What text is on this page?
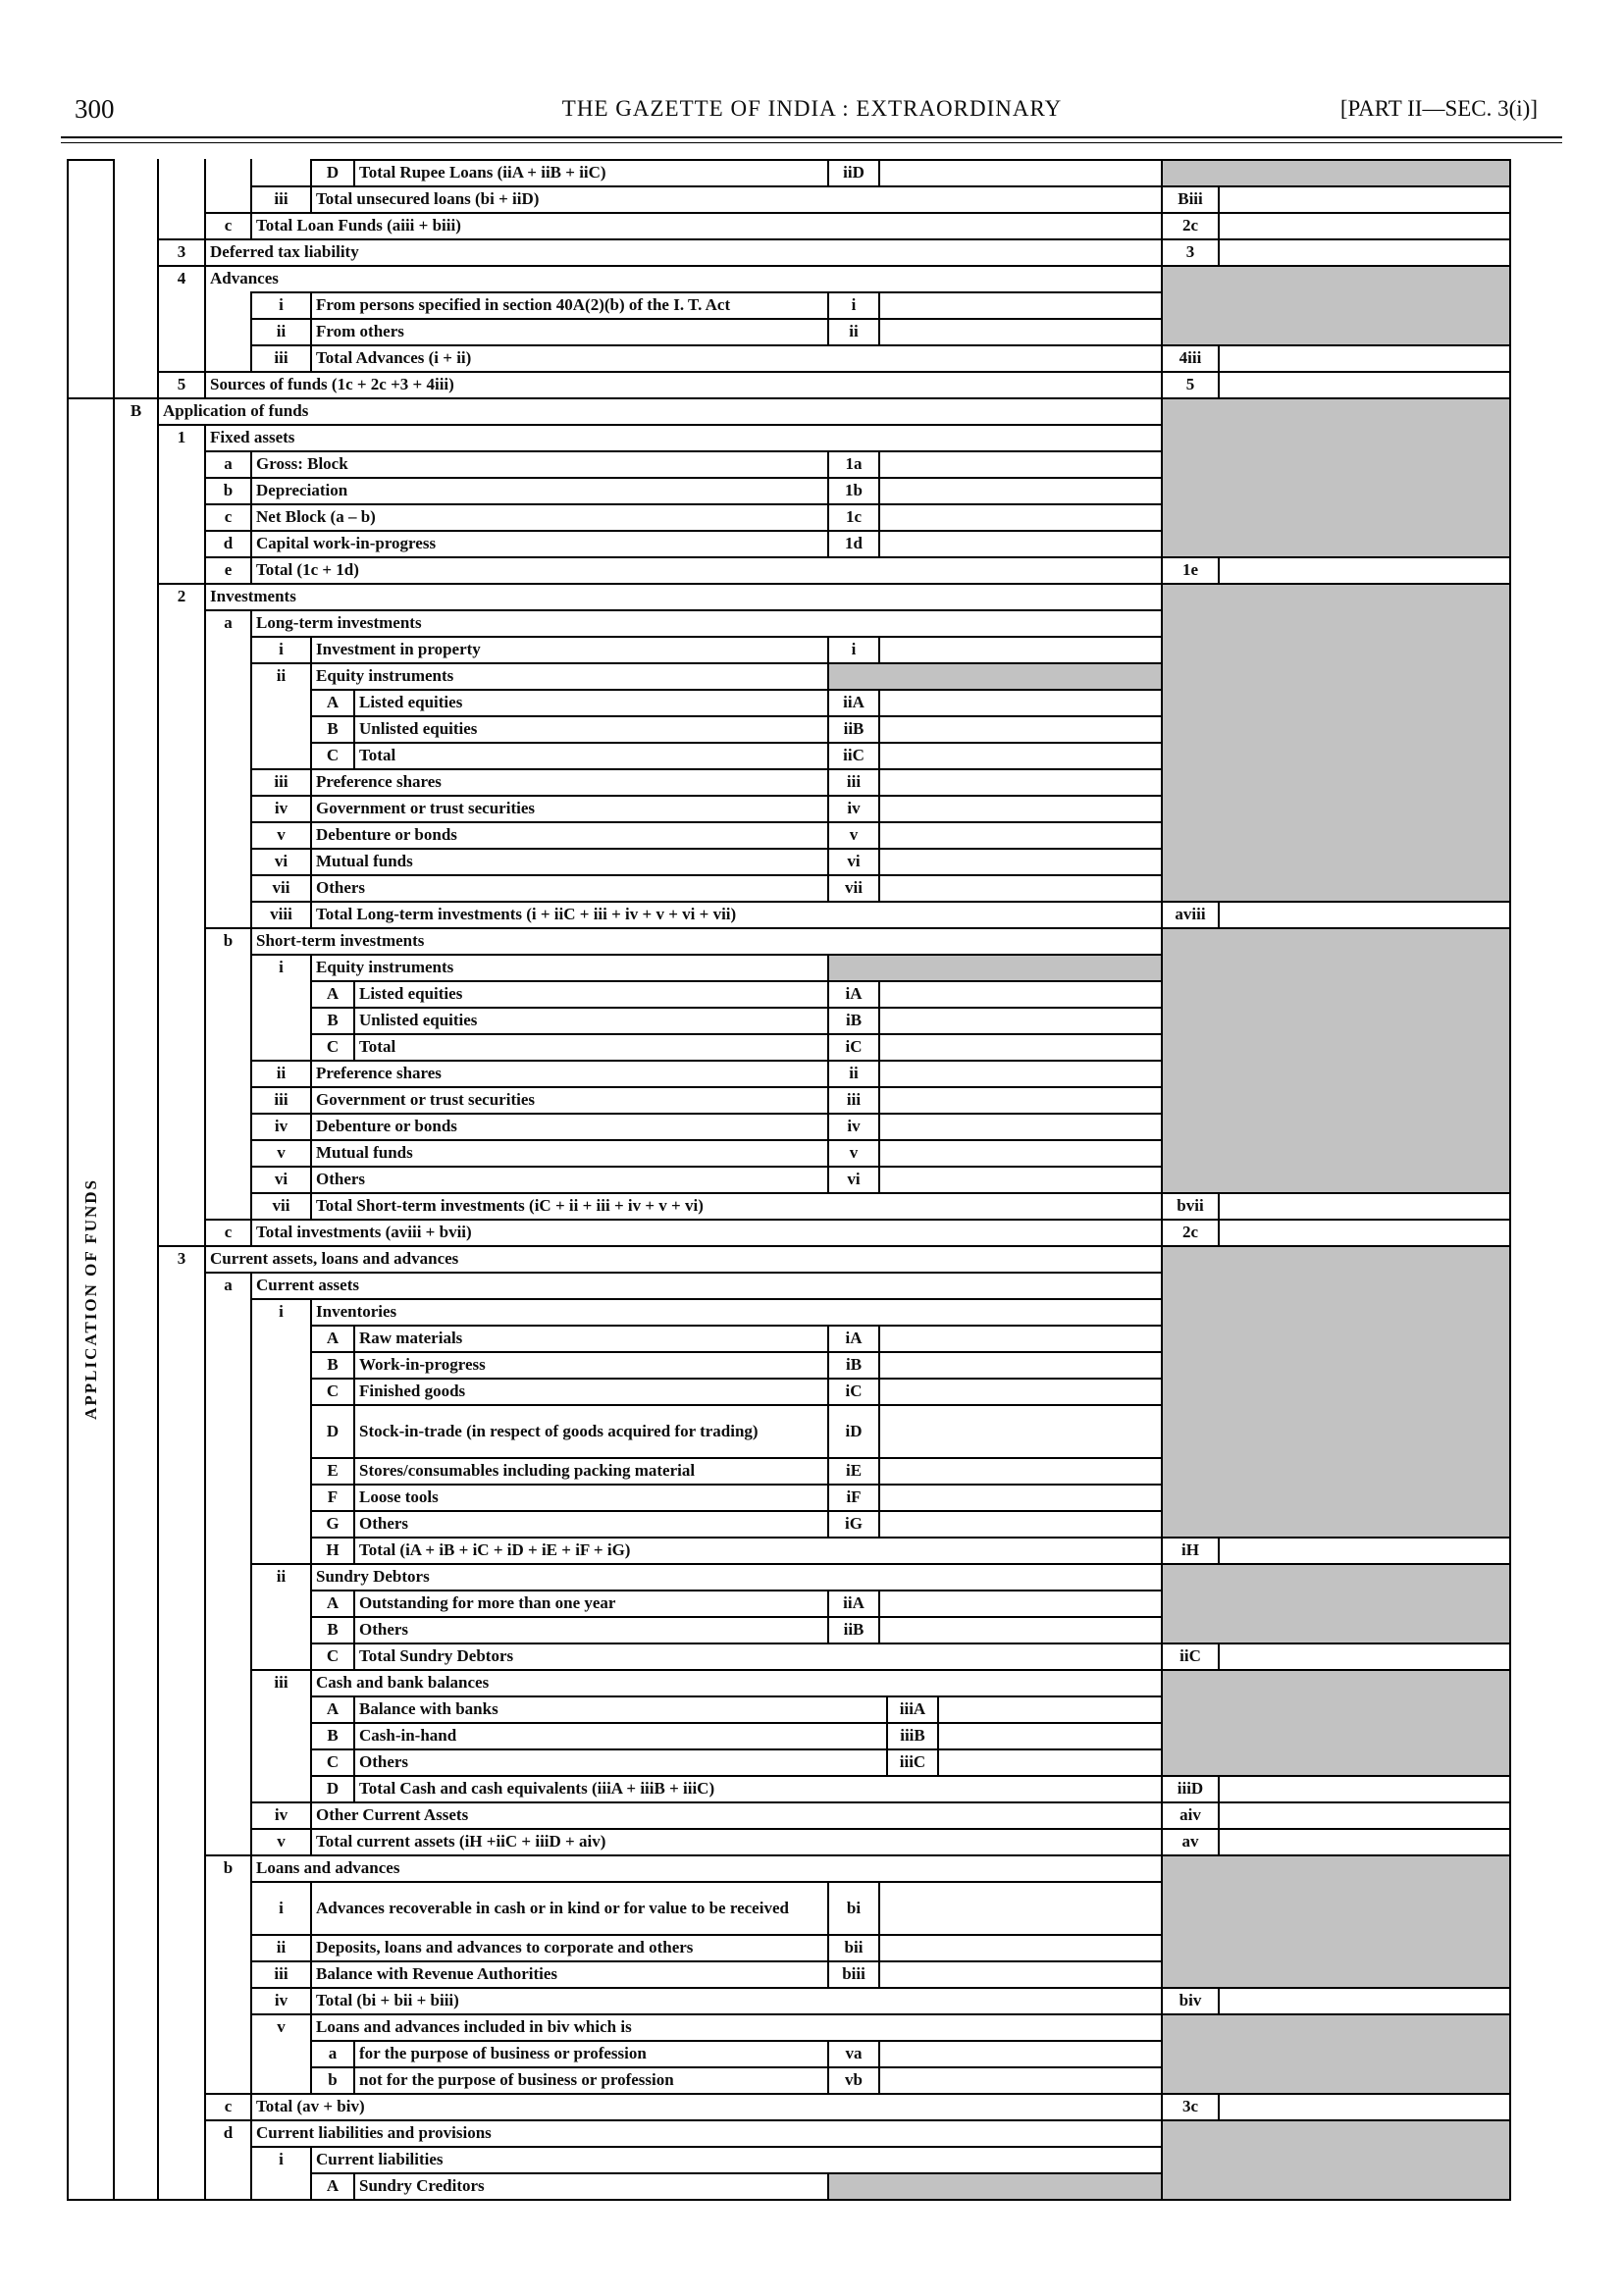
300	THE GAZETTE OF INDIA : EXTRAORDINARY	[PART II—SEC. 3(i)]
APPLICATION OF FUNDS
D	Total Rupee Loans (iiA + iiB + iiC)	iiD
iii	Total unsecured loans (bi + iiD)	Biii
c	Total Loan Funds (aiii + biii)	2c
3	Deferred tax liability	3
4	Advances
i	From persons specified in section 40A(2)(b) of the I. T. Act	i
ii	From others	ii
iii	Total Advances (i + ii)	4iii
5	Sources of funds (1c + 2c +3 + 4iii)	5
B	Application of funds
1	Fixed assets
a	Gross: Block	1a
b	Depreciation	1b
c	Net Block (a – b)	1c
d	Capital work-in-progress	1d
e	Total (1c + 1d)	1e
2	Investments
a	Long-term investments
i	Investment in property	i
ii	Equity instruments
A	Listed equities	iiA
B	Unlisted equities	iiB
C	Total	iiC
iii	Preference shares	iii
iv	Government or trust securities	iv
v	Debenture or bonds	v
vi	Mutual funds	vi
vii	Others	vii
viii	Total Long-term investments (i + iiC + iii + iv + v + vi + vii)	aviii
b	Short-term investments
i	Equity instruments
A	Listed equities	iA
B	Unlisted equities	iB
C	Total	iC
ii	Preference shares	ii
iii	Government or trust securities	iii
iv	Debenture or bonds	iv
v	Mutual funds	v
vi	Others	vi
vii	Total Short-term investments (iC + ii + iii + iv + v + vi)	bvii
c	Total investments (aviii + bvii)	2c
3	Current assets, loans and advances
a	Current assets
i	Inventories
A	Raw materials	iA
B	Work-in-progress	iB
C	Finished goods	iC
D	Stock-in-trade (in respect of goods acquired for trading)	iD
E	Stores/consumables including packing material	iE
F	Loose tools	iF
G	Others	iG
H	Total (iA + iB + iC + iD + iE + iF + iG)	iH
ii	Sundry Debtors
A	Outstanding for more than one year	iiA
B	Others	iiB
C	Total Sundry Debtors	iiC
iii	Cash and bank balances
A	Balance with banks	iiiA
B	Cash-in-hand	iiiB
C	Others	iiiC
D	Total Cash and cash equivalents (iiiA + iiiB + iiiC)	iiiD
iv	Other Current Assets	aiv
v	Total current assets (iH +iiC + iiiD + aiv)	av
b	Loans and advances
i	Advances recoverable in cash or in kind or for value to be received	bi
ii	Deposits, loans and advances to corporate and others	bii
iii	Balance with Revenue Authorities	biii
iv	Total (bi + bii + biii)	biv
v	Loans and advances included in biv which is
a	for the purpose of business or profession	va
b	not for the purpose of business or profession	vb
c	Total (av + biv)	3c
d	Current liabilities and provisions
i	Current liabilities
A	Sundry Creditors
